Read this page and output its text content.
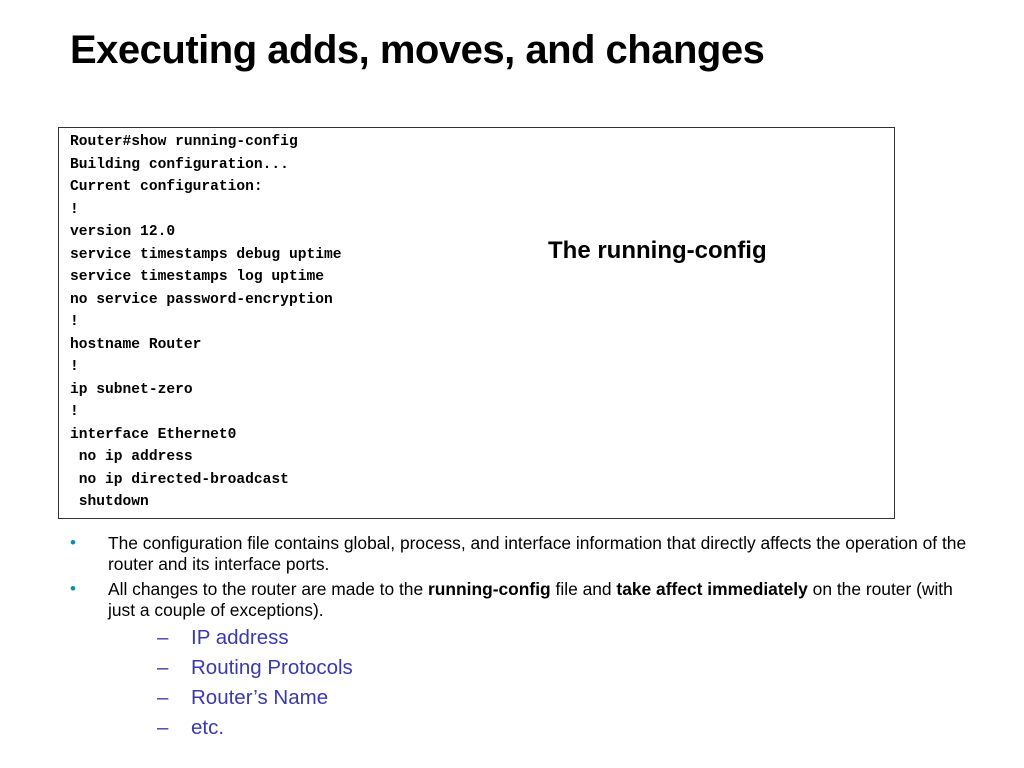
Executing adds, moves, and changes
Router#show running-config
Building configuration...
Current configuration:
!
version 12.0
service timestamps debug uptime
service timestamps log uptime
no service password-encryption
!
hostname Router
!
ip subnet-zero
!
interface Ethernet0
no ip address
no ip directed-broadcast
shutdown
The running-config
• The configuration file contains global, process, and interface information that directly affects the operation of the router and its interface ports.
• All changes to the router are made to the running-config file and take affect immediately on the router (with just a couple of exceptions).
– IP address
– Routing Protocols
– Router’s Name
– etc.
